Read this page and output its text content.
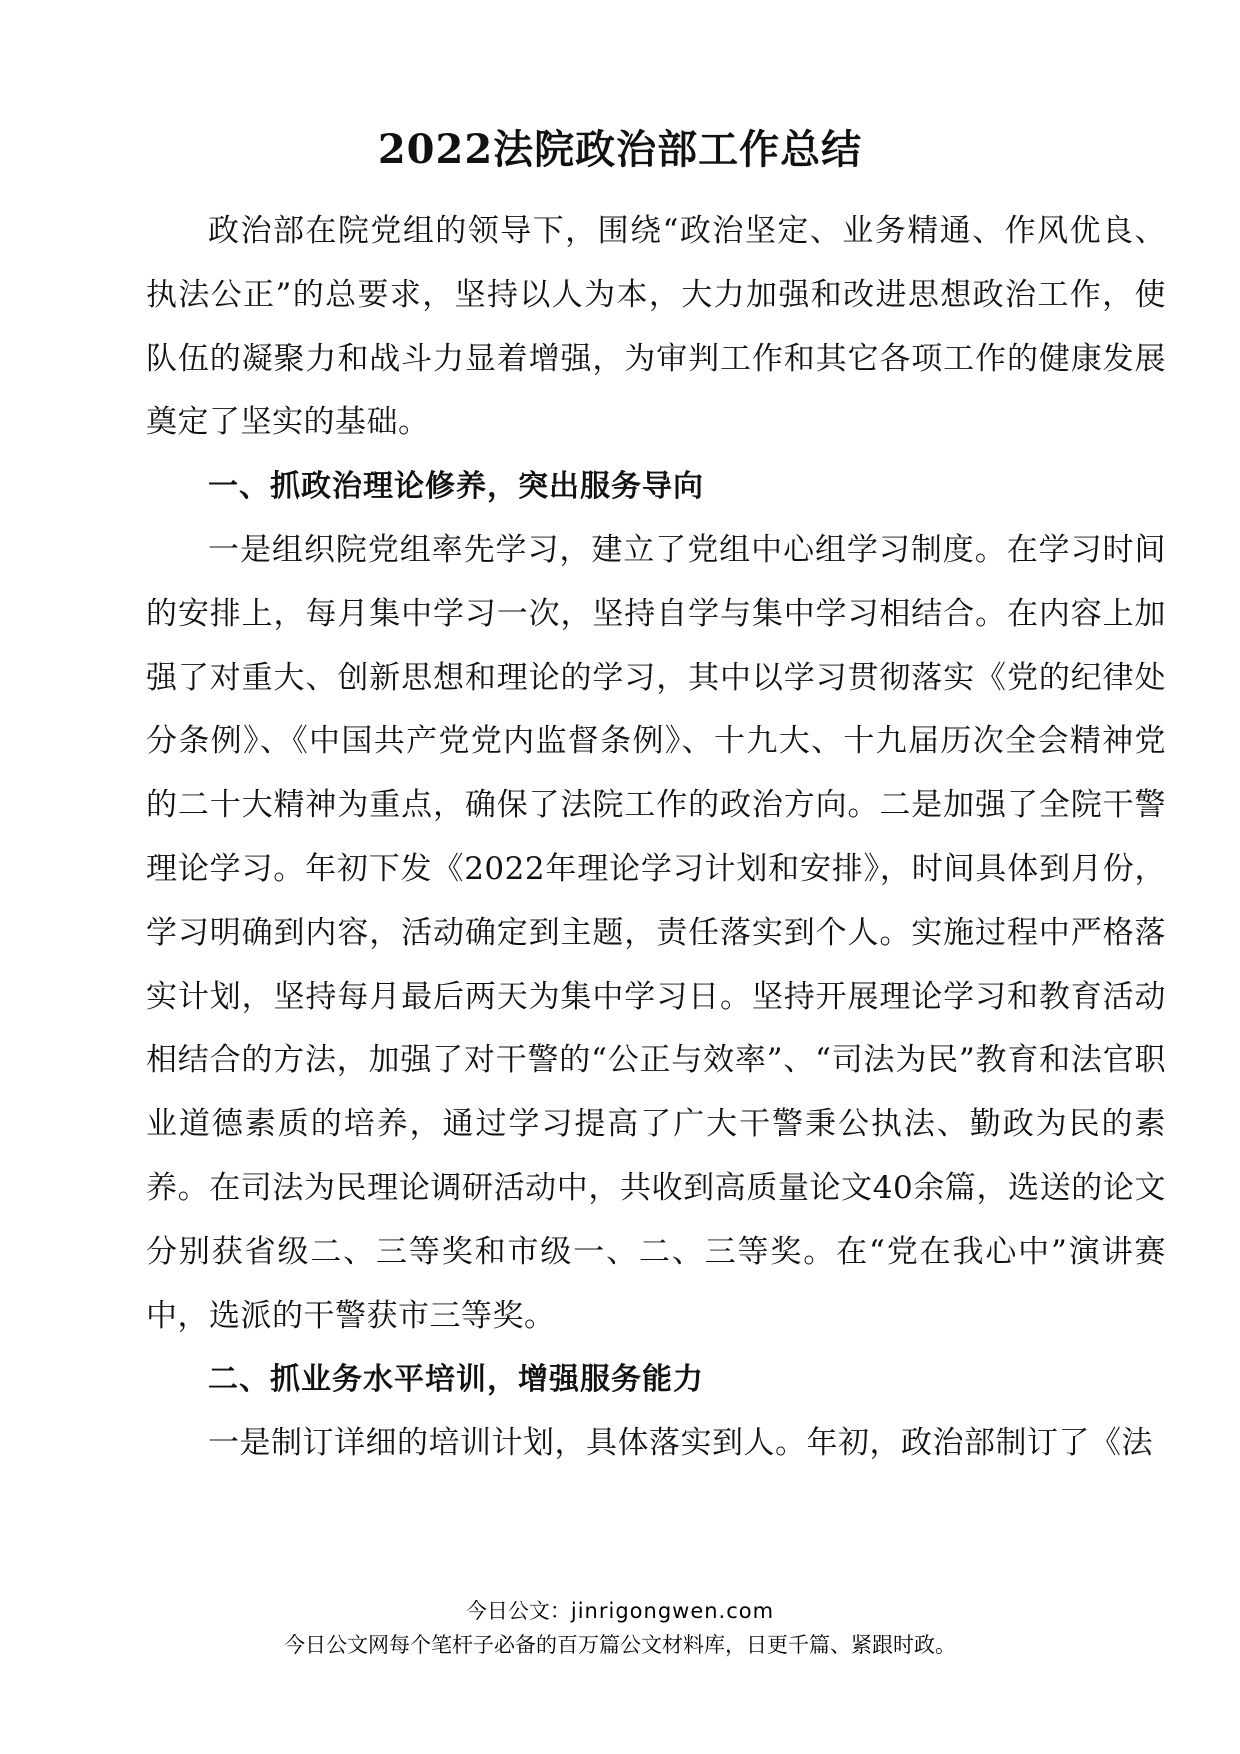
2022法院政治部工作总结

政治部在院党组的领导下，围绕“政治坚定、业务精通、作风优良、执法公正”的总要求，坚持以人为本，大力加强和改进思想政治工作，使队伍的凝聚力和战斗力显着增强，为审判工作和其它各项工作的健康发展奠定了坚实的基础。

一、抓政治理论修养，突出服务导向

一是组织院党组率先学习，建立了党组中心组学习制度。在学习时间的安排上，每月集中学习一次，坚持自学与集中学习相结合。在内容上加强了对重大、创新思想和理论的学习，其中以学习贯彻落实《党的纪律处分条例》、《中国共产党党内监督条例》、十九大、十九届历次全会精神党的二十大精神为重点，确保了法院工作的政治方向。二是加强了全院干警理论学习。年初下发《2022年理论学习计划和安排》，时间具体到月份，学习明确到内容，活动确定到主题，责任落实到个人。实施过程中严格落实计划，坚持每月最后两天为集中学习日。坚持开展理论学习和教育活动相结合的方法，加强了对干警的“公正与效率”、“司法为民”教育和法官职业道德素质的培养，通过学习提高了广大干警秉公执法、勤政为民的素养。在司法为民理论调研活动中，共收到高质量论文40余篇，选送的论文分别获省级二、三等奖和市级一、二、三等奖。在“党在我心中”演讲赛中，选派的干警获市三等奖。

二、抓业务水平培训，增强服务能力

一是制订详细的培训计划，具体落实到人。年初，政治部制订了《法

今日公文：jinrigongwen.com
今日公文网每个笔杆子必备的百万篇公文材料库，日更千篇、紧跟时政。
